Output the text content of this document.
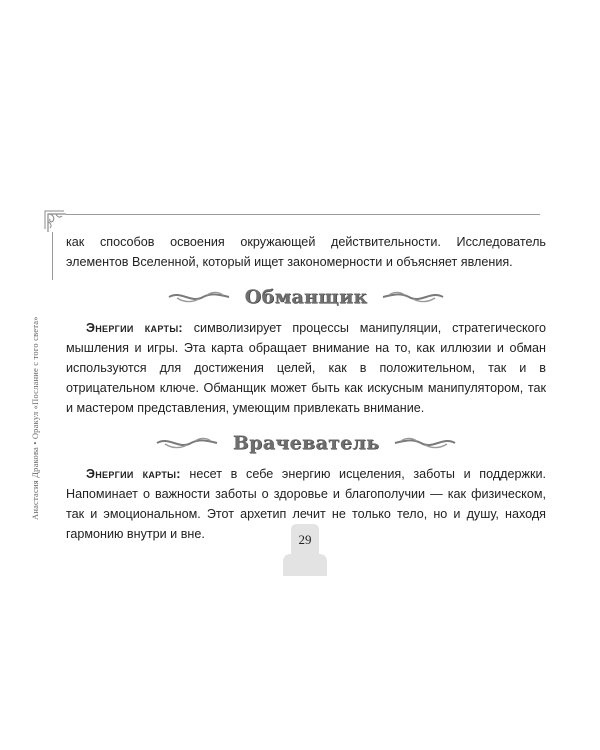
Анастасия Дракова • Оракул «Послание с того света»

как способов освоения окружающей действительности. Исследователь элементов Вселенной, который ищет закономерности и объясняет явления.

Обманщик

Энергии карты: символизирует процессы манипуляции, стратегического мышления и игры. Эта карта обращает внимание на то, как иллюзии и обман используются для достижения целей, как в положительном, так и в отрицательном ключе. Обманщик может быть как искусным манипулятором, так и мастером представления, умеющим привлекать внимание.

Врачеватель

Энергии карты: несет в себе энергию исцеления, заботы и поддержки. Напоминает о важности заботы о здоровье и благополучии — как физическом, так и эмоциональном. Этот архетип лечит не только тело, но и душу, находя гармонию внутри и вне.	29
